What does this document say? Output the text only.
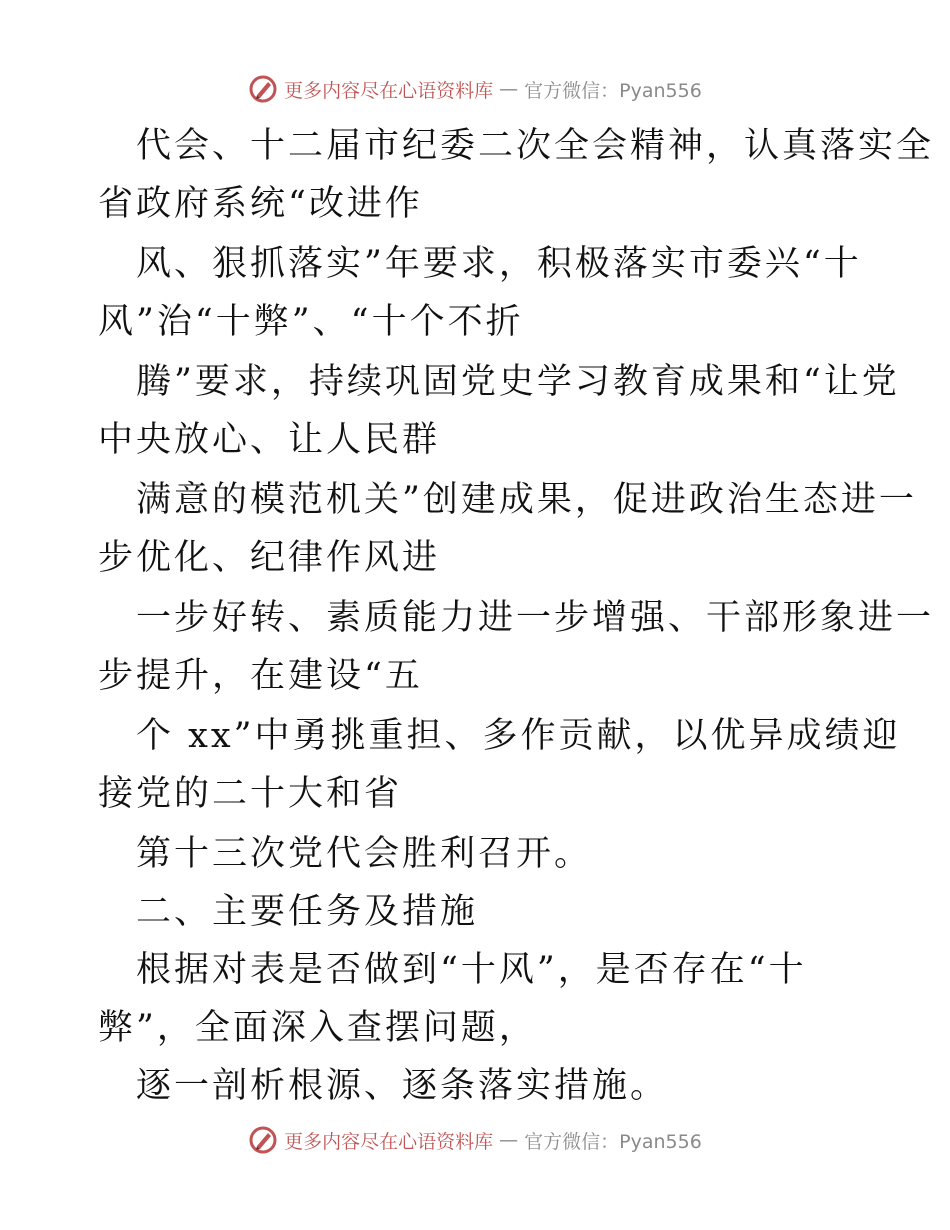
更多内容尽在心语资料库 — 官方微信：Pyan556
代会、十二届市纪委二次全会精神，认真落实全
省政府系统“改进作
风、狠抓落实”年要求，积极落实市委兴“十
风”治“十弊”、“十个不折
腾”要求，持续巩固党史学习教育成果和“让党
中央放心、让人民群
满意的模范机关”创建成果，促进政治生态进一
步优化、纪律作风进
一步好转、素质能力进一步增强、干部形象进一
步提升，在建设“五
个 xx”中勇挑重担、多作贡献，以优异成绩迎
接党的二十大和省
第十三次党代会胜利召开。
二、主要任务及措施
根据对表是否做到“十风”，是否存在“十
弊”，全面深入查摆问题，
逐一剖析根源、逐条落实措施。
更多内容尽在心语资料库 — 官方微信：Pyan556
